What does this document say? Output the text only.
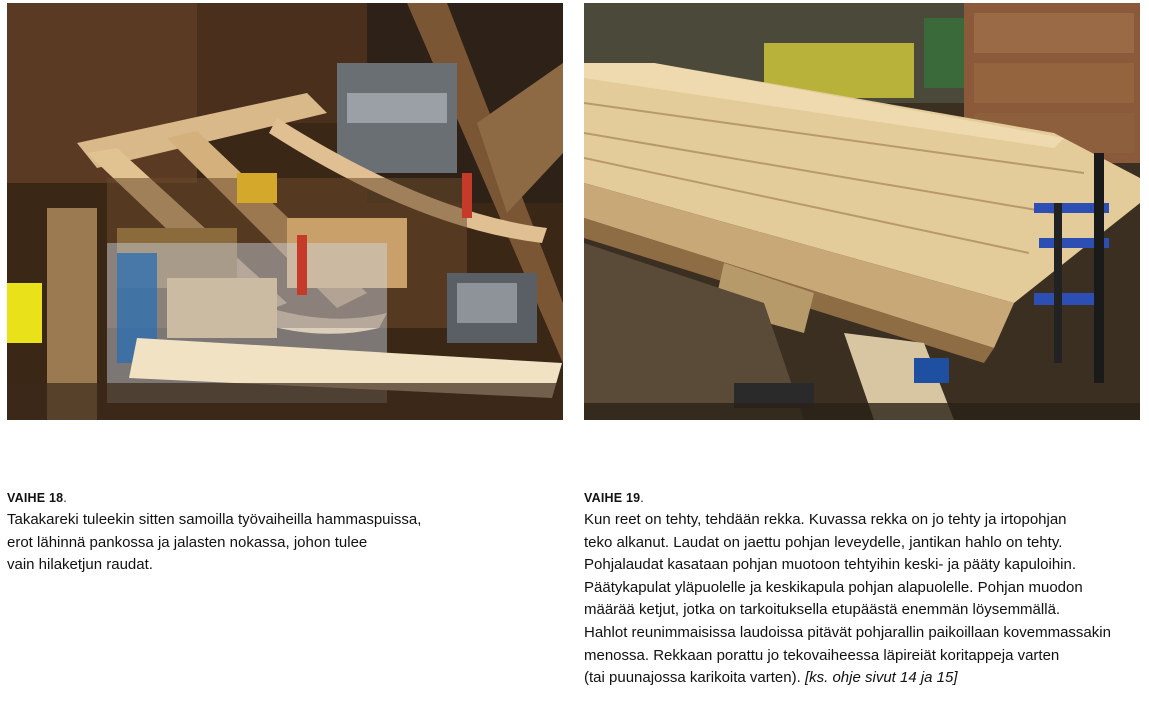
VAIHE 18.
Takakareki tuleekin sitten samoilla työvaiheilla hammaspuissa,
erot lähinnä pankossa ja jalasten nokassa, johon tulee
vain hilaketjun raudat.
VAIHE 19.
Kun reet on tehty, tehdään rekka. Kuvassa rekka on jo tehty ja irtopohjan
teko alkanut. Laudat on jaettu pohjan leveydelle, jantikan hahlo on tehty.
Pohjalaudat kasataan pohjan muotoon tehtyihin keski- ja pääty kapuloihin.
Päätykapulat yläpuolelle ja keskikapula pohjan alapuolelle. Pohjan muodon
määrää ketjut, jotka on tarkoituksella etupäästä enemmän löysemmällä.
Hahlot reunimmaisissa laudoissa pitävät pohjarallin paikoillaan kovemmassakin
menossa. Rekkaan porattu jo tekovaiheessa läpireiät koritappeja varten
(tai puunajossa karikoita varten). [ks. ohje sivut 14 ja 15]
